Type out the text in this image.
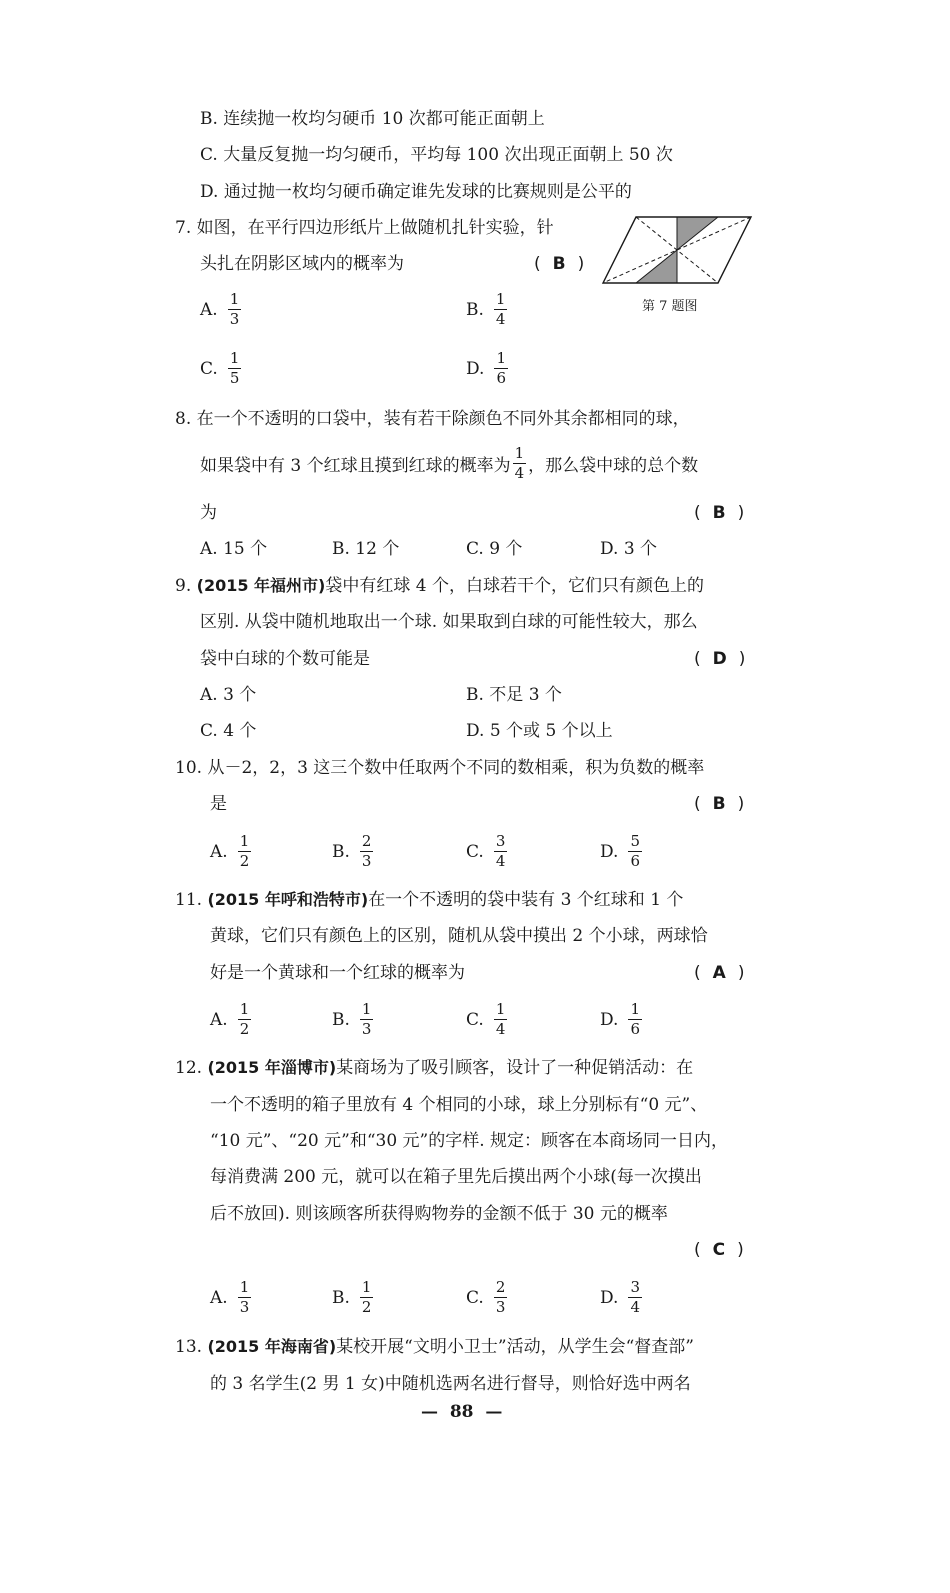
B. 连续抛一枚均匀硬币 10 次都可能正面朝上
C. 大量反复抛一均匀硬币，平均每 100 次出现正面朝上 50 次
D. 通过抛一枚均匀硬币确定谁先发球的比赛规则是公平的
7. 如图，在平行四边形纸片上做随机扎针实验，针
头扎在阴影区域内的概率为	( B )
第 7 题图
A. $\frac{1}{3}$	B. $\frac{1}{4}$
C. $\frac{1}{5}$	D. $\frac{1}{6}$
8. 在一个不透明的口袋中，装有若干除颜色不同外其余都相同的球，
如果袋中有 3 个红球且摸到红球的概率为 $\frac{1}{4}$ ，那么袋中球的总个数
为	( B )
A. 15 个	B. 12 个	C. 9 个	D. 3 个
9. (2015 年福州市)袋中有红球 4 个，白球若干个，它们只有颜色上的
区别. 从袋中随机地取出一个球. 如果取到白球的可能性较大，那么
袋中白球的个数可能是	( D )
A. 3 个	B. 不足 3 个
C. 4 个	D. 5 个或 5 个以上
10. 从－2，2，3 这三个数中任取两个不同的数相乘，积为负数的概率
是	( B )
A. $\frac{1}{2}$	B. $\frac{2}{3}$	C. $\frac{3}{4}$	D. $\frac{5}{6}$
11. (2015 年呼和浩特市)在一个不透明的袋中装有 3 个红球和 1 个
黄球，它们只有颜色上的区别，随机从袋中摸出 2 个小球，两球恰
好是一个黄球和一个红球的概率为	( A )
A. $\frac{1}{2}$	B. $\frac{1}{3}$	C. $\frac{1}{4}$	D. $\frac{1}{6}$
12. (2015 年淄博市)某商场为了吸引顾客，设计了一种促销活动：在
一个不透明的箱子里放有 4 个相同的小球，球上分别标有“0 元”、
“10 元”、“20 元”和“30 元”的字样. 规定：顾客在本商场同一日内，
每消费满 200 元，就可以在箱子里先后摸出两个小球(每一次摸出
后不放回). 则该顾客所获得购物券的金额不低于 30 元的概率
( C )
A. $\frac{1}{3}$	B. $\frac{1}{2}$	C. $\frac{2}{3}$	D. $\frac{3}{4}$
13. (2015 年海南省)某校开展“文明小卫士”活动，从学生会“督查部”
的 3 名学生(2 男 1 女)中随机选两名进行督导，则恰好选中两名
— 88 —
